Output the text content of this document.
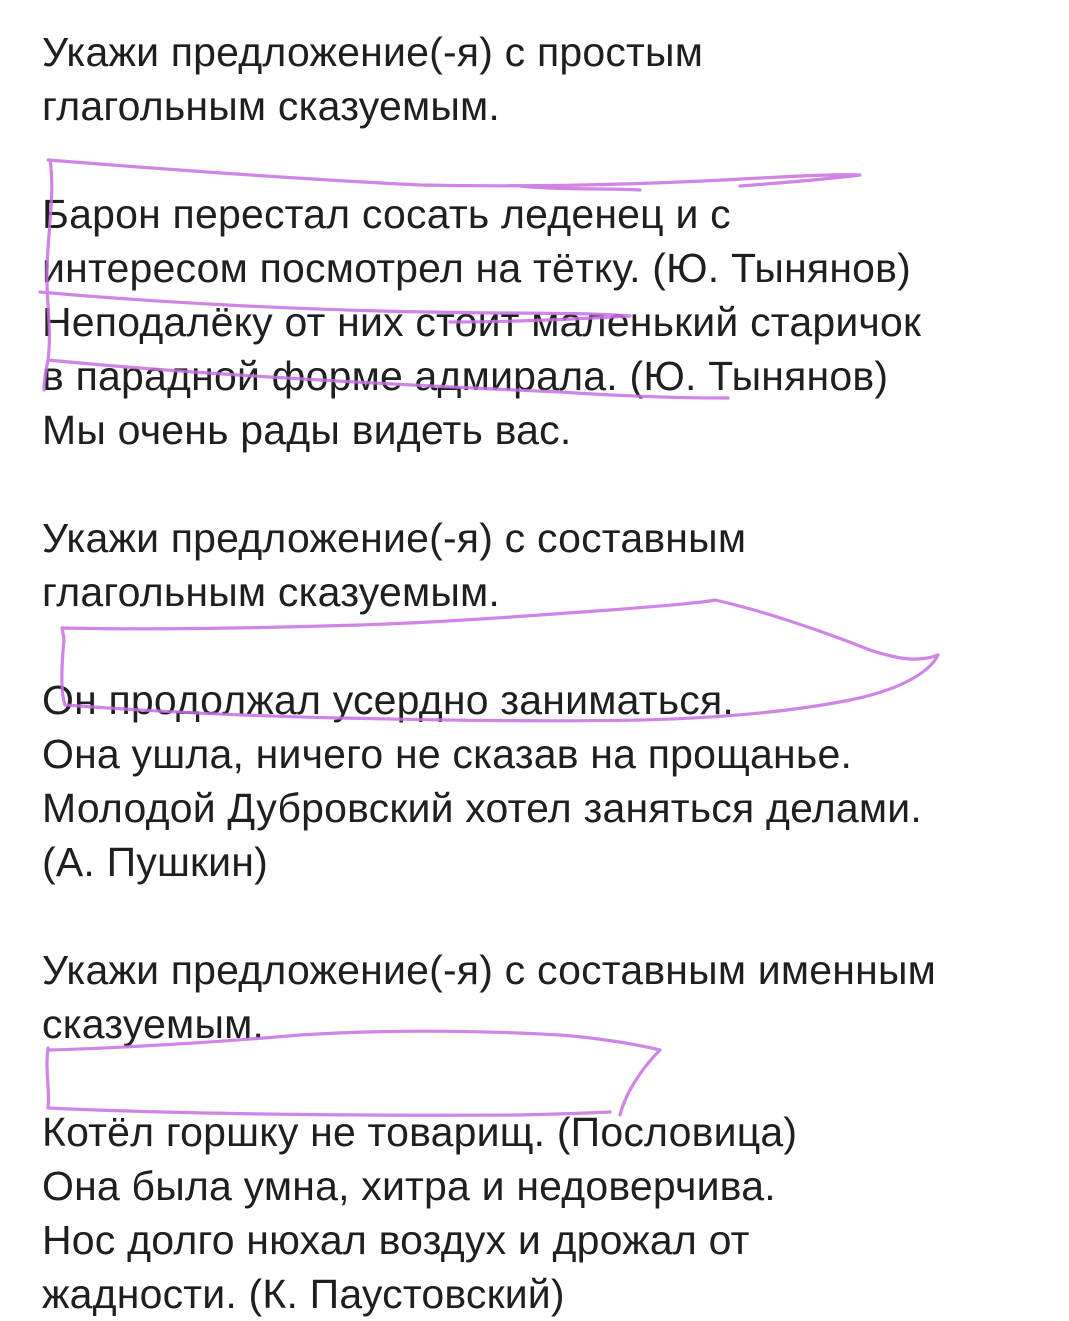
Укажи предложение(-я) с простым
глагольным сказуемым.
Барон перестал сосать леденец и с
интересом посмотрел на тётку. (Ю. Тынянов)
Неподалёку от них стоит маленький старичок
в парадной форме адмирала. (Ю. Тынянов)
Мы очень рады видеть вас.
Укажи предложение(-я) с составным
глагольным сказуемым.
Он продолжал усердно заниматься.
Она ушла, ничего не сказав на прощанье.
Молодой Дубровский хотел заняться делами.
(А. Пушкин)
Укажи предложение(-я) с составным именным
сказуемым.
Котёл горшку не товарищ. (Пословица)
Она была умна, хитра и недоверчива.
Нос долго нюхал воздух и дрожал от
жадности. (К. Паустовский)
